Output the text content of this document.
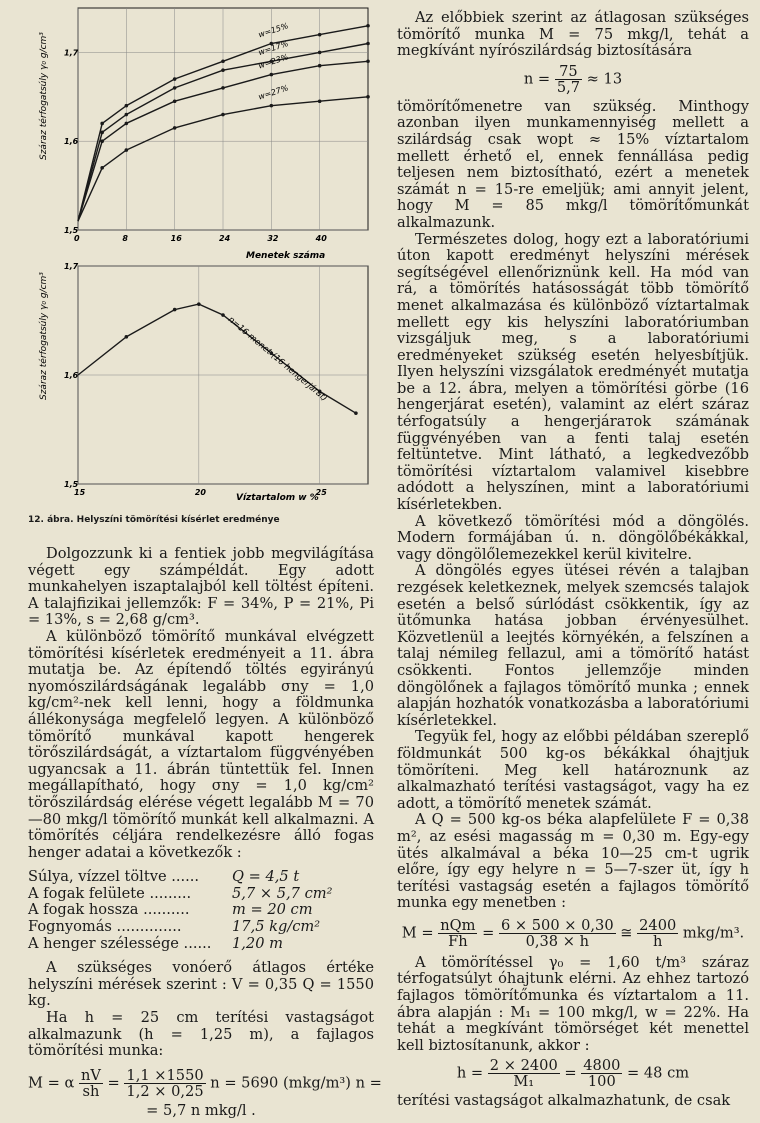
1,5
1,6
1,7
0	8	16	24	32	40
w=15%
w=17%
w=23%
w=27%
Száraz térfogatsúly γ₀ g/cm³
Menetek száma
1,5
1,6
1,7
15	20	25
Száraz térfogatsúly γ₀ g/cm³
Víztartalom w %
n=16 menet (16 hengerjárat)
12. ábra. Helyszíni tömörítési kísérlet eredménye

Dolgozzunk ki a fentiek jobb megvilágítása végett egy számpéldát. Egy adott munkahelyen iszaptalajból kell töltést építeni. A talajfizikai jellemzők: F = 34%, P = 21%, Pi = 13%, s = 2,68 g/cm³.

A különböző tömörítő munkával elvégzett tömörítési kísérletek eredményeit a 11. ábra mutatja be. Az építendő töltés egyirányú nyomószilárdságának legalább σny = 1,0 kg/cm²-nek kell lenni, hogy a földmunka állékonysága megfelelő legyen. A különböző tömörítő munkával kapott hengerek törőszilárdságát, a víztartalom függvényében ugyancsak a 11. ábrán tüntettük fel. Innen megállapítható, hogy σny = 1,0 kg/cm² törőszilárdság elérése végett legalább M = 70—80 mkg/l tömörítő munkát kell alkalmazni. A tömörítés céljára rendelkezésre álló fogas henger adatai a következők :

Súlya, vízzel töltve ......	Q = 4,5 t
A fogak felülete .........	5,7 × 5,7 cm²
A fogak hossza ..........	m = 20 cm
Fognyomás ..............	17,5 kg/cm²
A henger szélessége ......	1,20 m

A szükséges vonóerő átlagos értéke helyszíni mérések szerint : V = 0,35 Q = 1550 kg.

Ha h = 25 cm terítési vastagságot alkalmazunk (h = 1,25 m), a fajlagos tömörítési munka:

M = α $\frac{nV}{sh} = \frac{1,1 \times 1550}{1,2 \times 0,25}$ n = 5690 (mkg/m³) n =
= 5,7 n mkg/l .

Az előbbiek szerint az átlagosan szükséges tömörítő munka M = 75 mkg/l, tehát a megkívánt nyírószilárdság biztosítására

$n = \frac{75}{5,7} \approx 13$

tömörítőmenetre van szükség. Minthogy azonban ilyen munkamennyiség mellett a szilárdság csak wopt ≈ 15% víztartalom mellett érhető el, ennek fennállása pedig teljesen nem biztosítható, ezért a menetek számát n = 15-re emeljük; ami annyit jelent, hogy M = 85 mkg/l tömörítőmunkát alkalmazunk.

Természetes dolog, hogy ezt a laboratóriumi úton kapott eredményt helyszíni mérések segítségével ellenőriznünk kell. Ha mód van rá, a tömörítés hatásosságát több tömörítő menet alkalmazása és különböző víztartalmak mellett egy kis helyszíni laboratóriumban vizsgáljuk meg, s a laboratóriumi eredményeket szükség esetén helyesbítjük. Ilyen helyszíni vizsgálatok eredményét mutatja be a 12. ábra, melyen a tömörítési görbe (16 hengerjárat esetén), valamint az elért száraz térfogatsúly a hengerjárатok számának függvényében van a fenti talaj esetén feltüntetve. Mint látható, a legkedvezőbb tömörítési víztartalom valamivel kisebbre adódott a helyszínen, mint a laboratóriumi kísérletekben.

A következő tömörítési mód a döngölés. Modern formájában ú. n. döngölőbékákkal, vagy döngölőlemezekkel kerül kivitelre.

A döngölés egyes ütései révén a talajban rezgések keletkeznek, melyek szemcsés talajok esetén a belső súrlódást csökkentik, így az ütőmunka hatása jobban érvényesülhet. Közvetlenül a leejtés környékén, a felszínen a talaj némileg fellazul, ami a tömörítő hatást csökkenti. Fontos jellemzője minden döngölőnek a fajlagos tömörítő munka ; ennek alapján hozhatók vonatkozásba a laboratóriumi kísérletekkel.

Tegyük fel, hogy az előbbi példában szereplő földmunkát 500 kg-os békákkal óhajtjuk tömöríteni. Meg kell határoznunk az alkalmazható terítési vastagságot, vagy ha ez adott, a tömörítő menetek számát.

A Q = 500 kg-os béka alapfelülete F = 0,38 m², az esési magasság m = 0,30 m. Egy-egy ütés alkalmával a béka 10—25 cm-t ugrik előre, így egy helyre n = 5—7-szer üt, így h terítési vastagság esetén a fajlagos tömörítő munka egy menetben :

$M = \frac{\text{nQm}}{Fh} = \frac{6 \times 500 \times 0,30}{0,38 \times h}$ ≅ $\frac{2400}{h} mkg/m^3$.

A tömörítéssel γ₀ = 1,60 t/m³ száraz térfogatsúlyt óhajtunk elérni. Az ehhez tartozó fajlagos tömörítőmunka és víztartalom a 11. ábra alapján : M₁ = 100 mkg/l, w = 22%. Ha tehát a megkívánt tömörséget két menettel kell biztosítanunk, akkor :

$h = \frac{2 \times 2400}{\text{M₁}} = \frac{4800}{100} = 48$ cm

terítési vastagságot alkalmazhatunk, de csak
